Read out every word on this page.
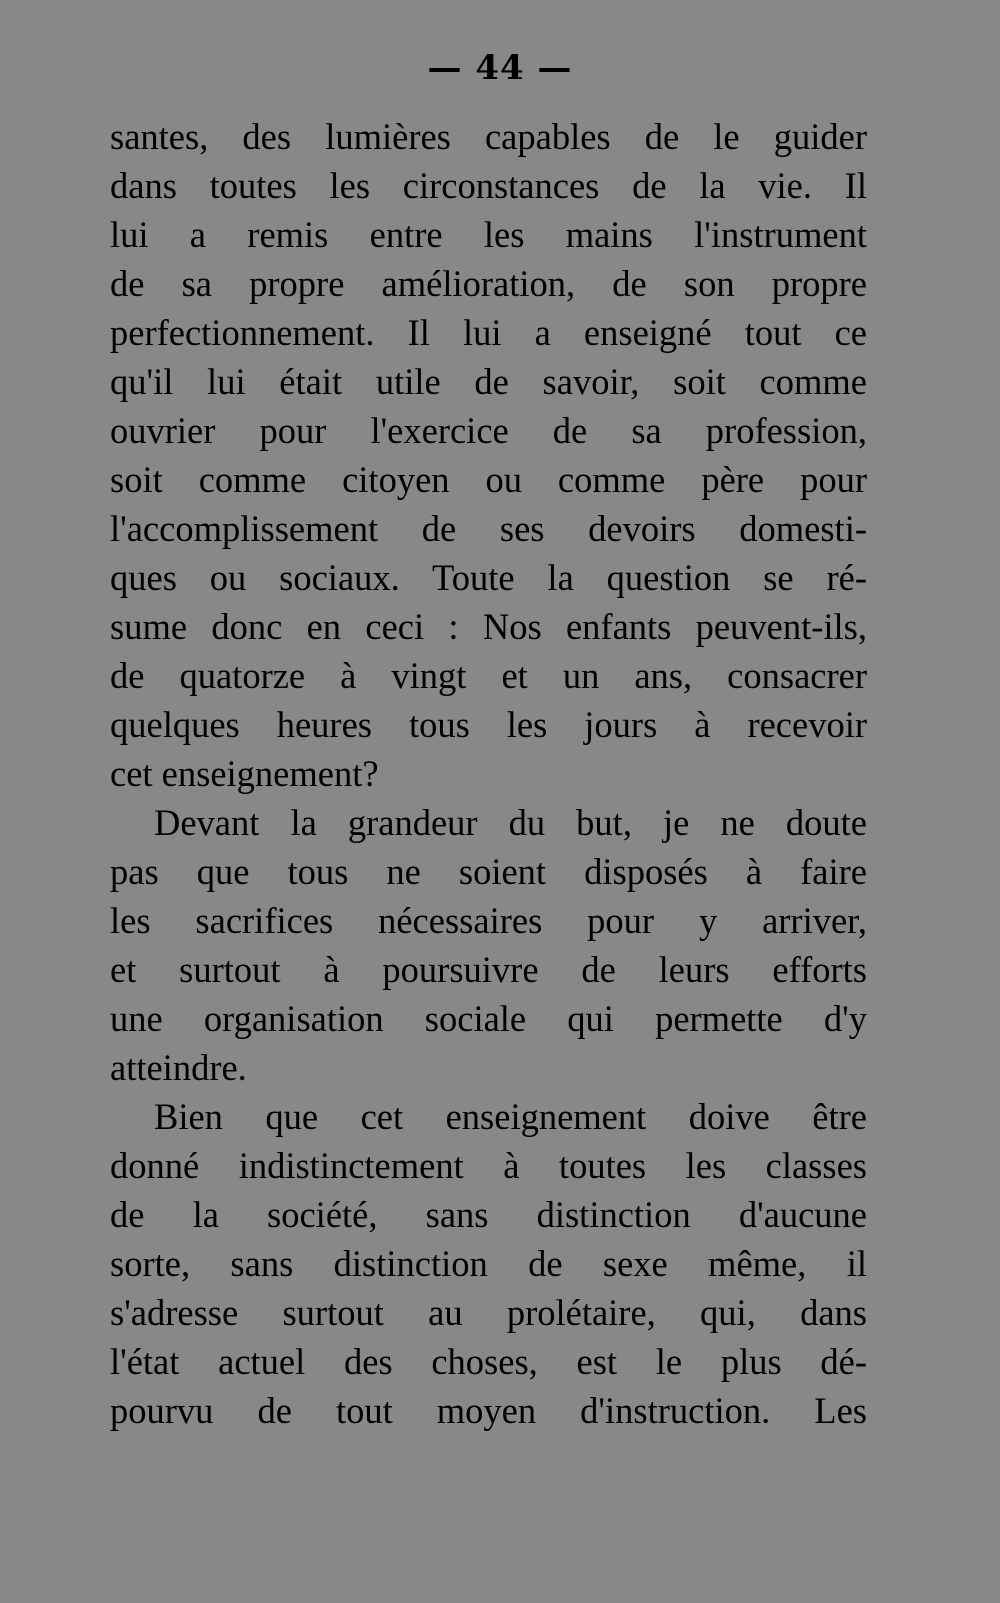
— 44 —
santes, des lumières capables de le guider
dans toutes les circonstances de la vie. Il
lui a remis entre les mains l'instrument
de sa propre amélioration, de son propre
perfectionnement. Il lui a enseigné tout ce
qu'il lui était utile de savoir, soit comme
ouvrier pour l'exercice de sa profession,
soit comme citoyen ou comme père pour
l'accomplissement de ses devoirs domesti-
ques ou sociaux. Toute la question se ré-
sume donc en ceci : Nos enfants peuvent-ils,
de quatorze à vingt et un ans, consacrer
quelques heures tous les jours à recevoir
cet enseignement?
Devant la grandeur du but, je ne doute
pas que tous ne soient disposés à faire
les sacrifices nécessaires pour y arriver,
et surtout à poursuivre de leurs efforts
une organisation sociale qui permette d'y
atteindre.
Bien que cet enseignement doive être
donné indistinctement à toutes les classes
de la société, sans distinction d'aucune
sorte, sans distinction de sexe même, il
s'adresse surtout au prolétaire, qui, dans
l'état actuel des choses, est le plus dé-
pourvu de tout moyen d'instruction. Les
